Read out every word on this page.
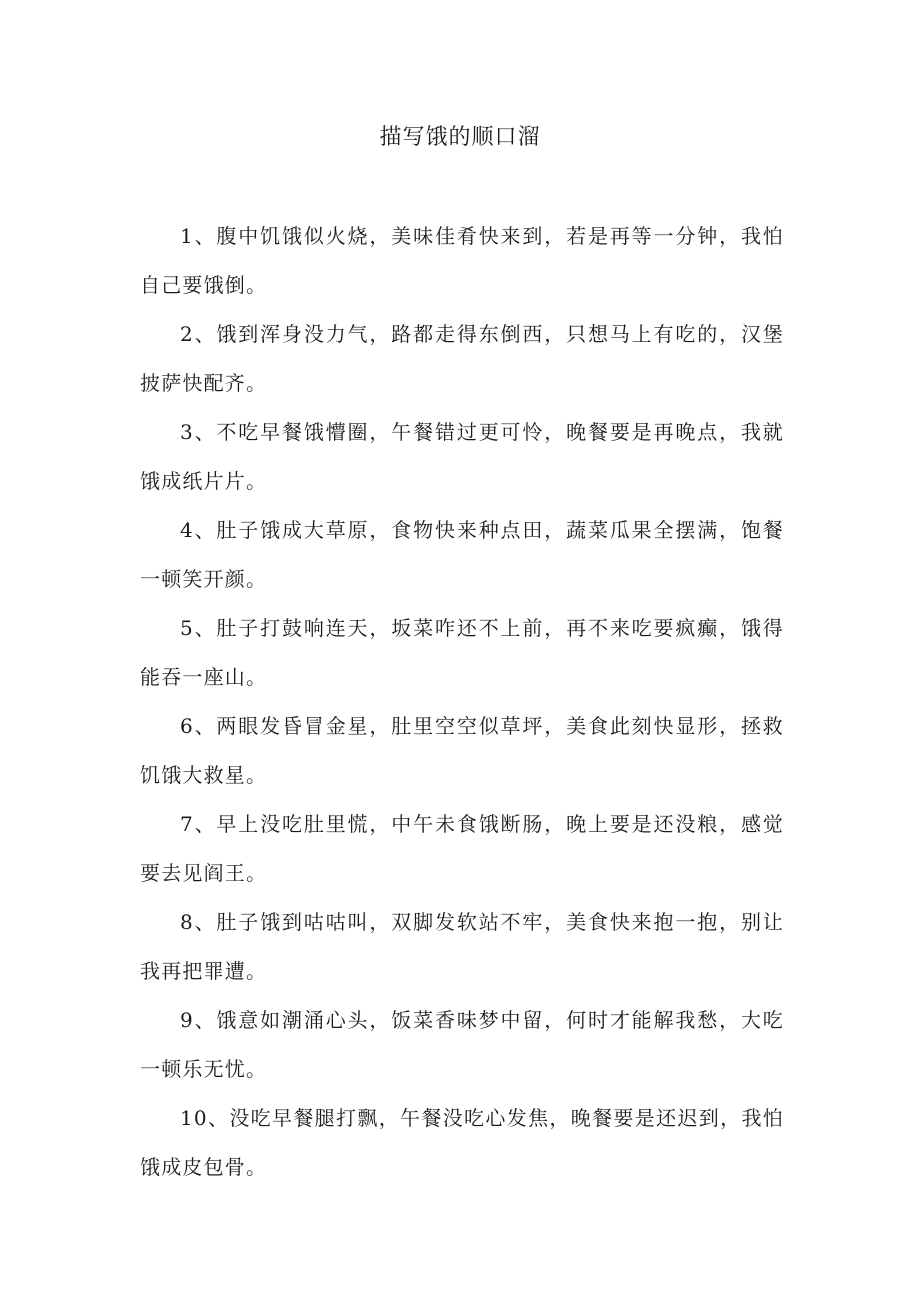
描写饿的顺口溜

1、腹中饥饿似火烧，美味佳肴快来到，若是再等一分钟，我怕自己要饿倒。

2、饿到浑身没力气，路都走得东倒西，只想马上有吃的，汉堡披萨快配齐。

3、不吃早餐饿懵圈，午餐错过更可怜，晚餐要是再晚点，我就饿成纸片片。

4、肚子饿成大草原，食物快来种点田，蔬菜瓜果全摆满，饱餐一顿笑开颜。

5、肚子打鼓响连天，坂菜咋还不上前，再不来吃要疯癫，饿得能吞一座山。

6、两眼发昏冒金星，肚里空空似草坪，美食此刻快显形，拯救饥饿大救星。

7、早上没吃肚里慌，中午未食饿断肠，晚上要是还没粮，感觉要去见阎王。

8、肚子饿到咕咕叫，双脚发软站不牢，美食快来抱一抱，别让我再把罪遭。

9、饿意如潮涌心头，饭菜香味梦中留，何时才能解我愁，大吃一顿乐无忧。

10、没吃早餐腿打飘，午餐没吃心发焦，晚餐要是还迟到，我怕饿成皮包骨。
